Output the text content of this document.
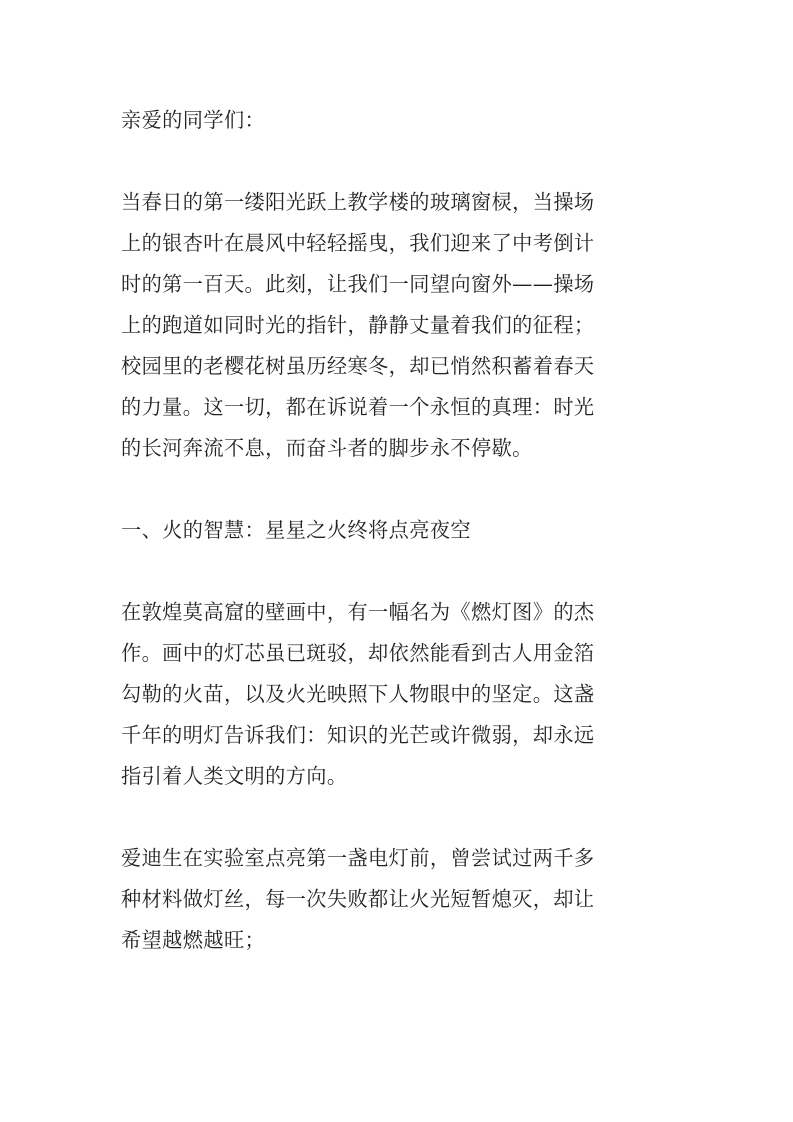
亲爱的同学们：
当春日的第一缕阳光跃上教学楼的玻璃窗棂，当操场
上的银杏叶在晨风中轻轻摇曳，我们迎来了中考倒计
时的第一百天。此刻，让我们一同望向窗外——操场
上的跑道如同时光的指针，静静丈量着我们的征程；
校园里的老樱花树虽历经寒冬，却已悄然积蓄着春天
的力量。这一切，都在诉说着一个永恒的真理：时光
的长河奔流不息，而奋斗者的脚步永不停歇。
一、火的智慧：星星之火终将点亮夜空
在敦煌莫高窟的壁画中，有一幅名为《燃灯图》的杰
作。画中的灯芯虽已斑驳，却依然能看到古人用金箔
勾勒的火苗，以及火光映照下人物眼中的坚定。这盏
千年的明灯告诉我们：知识的光芒或许微弱，却永远
指引着人类文明的方向。
爱迪生在实验室点亮第一盏电灯前，曾尝试过两千多
种材料做灯丝，每一次失败都让火光短暂熄灭，却让
希望越燃越旺；
